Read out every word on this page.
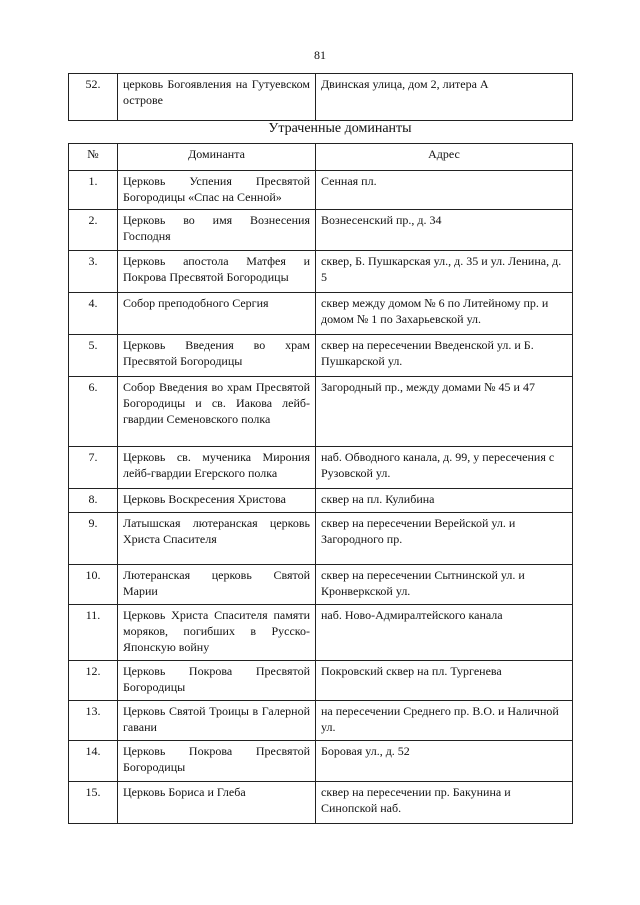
81
52.	церковь Богоявления на Гутуевском острове	Двинская улица, дом 2, литера А
Утраченные доминанты
№	Доминанта	Адрес
1.	Церковь Успения Пресвятой Богородицы «Спас на Сенной»	Сенная пл.
2.	Церковь во имя Вознесения Господня	Вознесенский пр., д. 34
3.	Церковь апостола Матфея и Покрова Пресвятой Богородицы	сквер, Б. Пушкарская ул., д. 35 и ул. Ленина, д. 5
4.	Собор преподобного Сергия	сквер между домом № 6 по Литейному пр. и домом № 1 по Захарьевской ул.
5.	Церковь Введения во храм Пресвятой Богородицы	сквер на пересечении Введенской ул. и Б. Пушкарской ул.
6.	Собор Введения во храм Пресвятой Богородицы и св. Иакова лейб-гвардии Семеновского полка	Загородный пр., между домами № 45 и 47
7.	Церковь св. мученика Мирония лейб-гвардии Егерского полка	наб. Обводного канала, д. 99, у пересечения с Рузовской ул.
8.	Церковь Воскресения Христова	сквер на пл. Кулибина
9.	Латышская лютеранская церковь Христа Спасителя	сквер на пересечении Верейской ул. и Загородного пр.
10.	Лютеранская церковь Святой Марии	сквер на пересечении Сытнинской ул. и Кронверкской ул.
11.	Церковь Христа Спасителя памяти моряков, погибших в Русско-Японскую войну	наб. Ново-Адмиралтейского канала
12.	Церковь Покрова Пресвятой Богородицы	Покровский сквер на пл. Тургенева
13.	Церковь Святой Троицы в Галерной гавани	на пересечении Среднего пр. В.О. и Наличной ул.
14.	Церковь Покрова Пресвятой Богородицы	Боровая ул., д. 52
15.	Церковь Бориса и Глеба	сквер на пересечении пр. Бакунина и Синопской наб.
